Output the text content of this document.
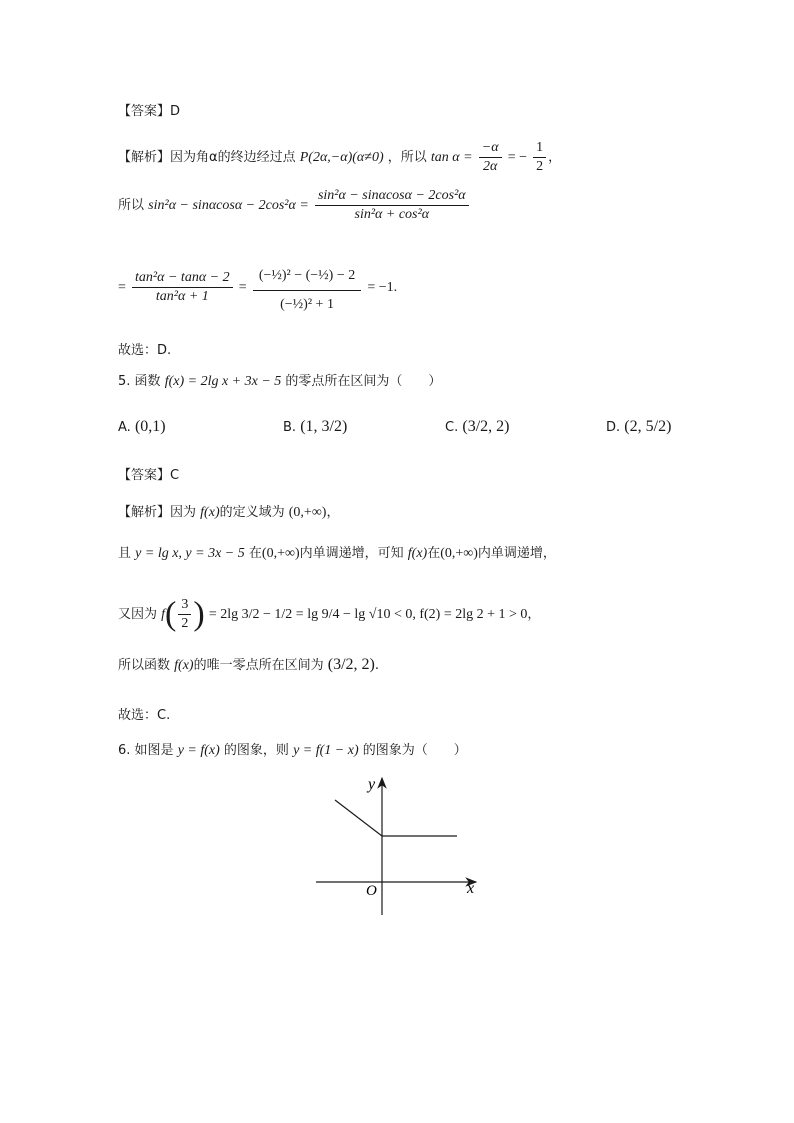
【答案】D
【解析】因为角α的终边经过点 P(2α,−α)(α≠0) ，所以 $\tan \alpha = \frac{-\alpha}{2\alpha}$ = − $\frac{1}{2}$ ，
所以 $\sin^2\alpha - \sin\alpha\cos\alpha - 2\cos^2\alpha = \frac{\text{sin²α − sinαcosα − 2cos²α}}{\text{sin²α + cos²α}}$
= $\frac{\text{tan²α − tanα − 2}}{\text{tan²α + 1}} = \frac{\text{(−½)² − (−½) − 2}}{\text{(−½)² + 1}} = -1$.
故选：D.
5. 函数 f(x) = 2lg x + 3x − 5 的零点所在区间为（　　）
A. (0,1)	B. (1, 3/2)	C. (3/2, 2)	D. (2, 5/2)
【答案】C
【解析】因为 f(x)的定义域为 (0,+∞)，
且 y = lg x, y = 3x − 5 在(0,+∞)内单调递增，可知 f(x)在(0,+∞)内单调递增，
又因为 $f( \frac{3}{2}$ ) = 2lg 3/2 − 1/2 = lg 9/4 − lg √10 < 0, f(2) = 2lg 2 + 1 > 0，
所以函数 f(x)的唯一零点所在区间为 (3/2, 2).
故选：C.
6. 如图是 y = f(x) 的图象，则 y = f(1 − x) 的图象为（　　）
y
x
O
